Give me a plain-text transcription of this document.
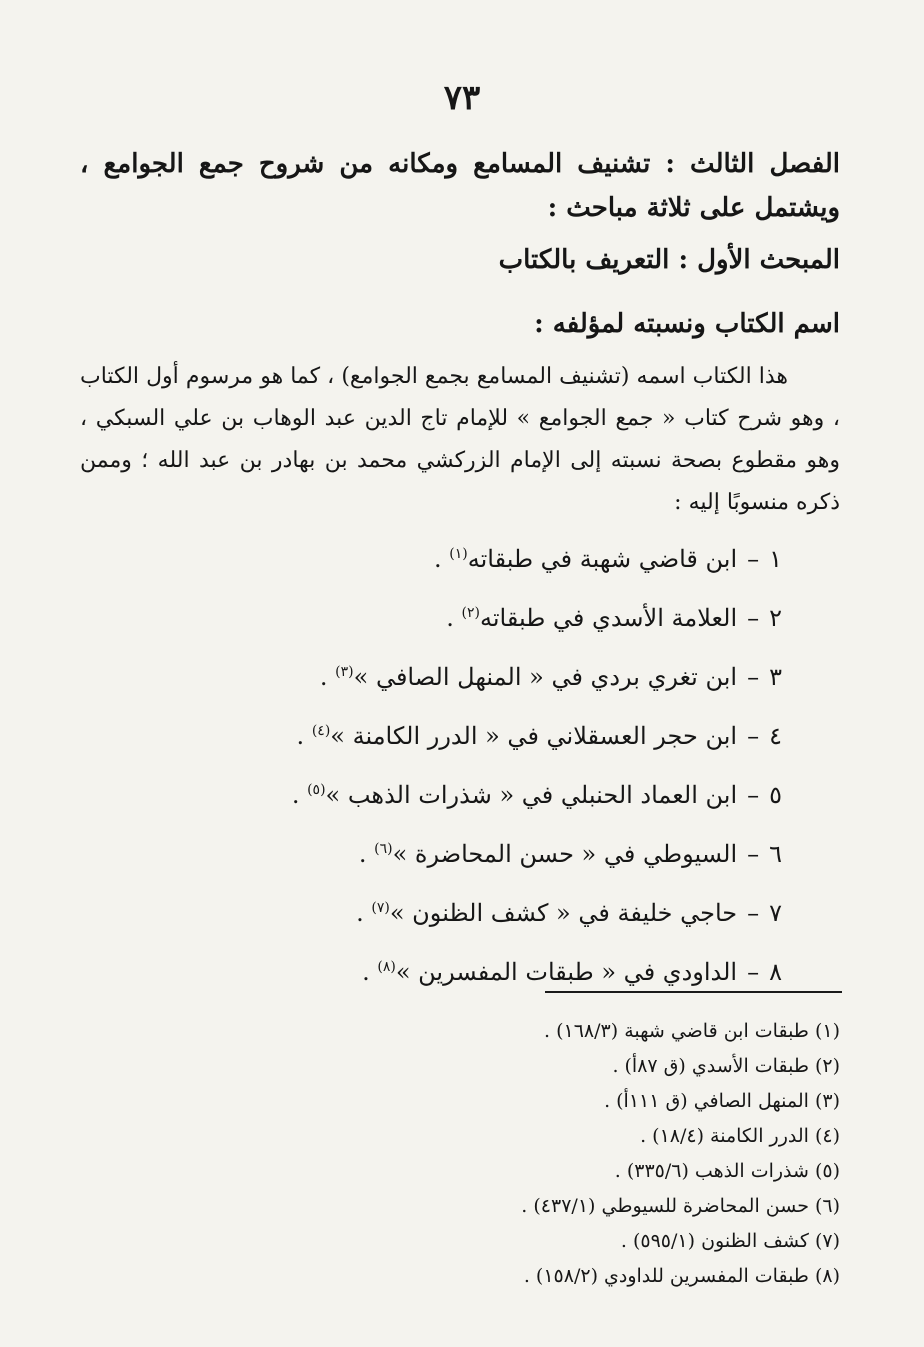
٧٣
الفصل الثالث : تشنيف المسامع ومكانه من شروح جمع الجوامع ، ويشتمل على ثلاثة مباحث :
المبحث الأول : التعريف بالكتاب
اسم الكتاب ونسبته لمؤلفه :

هذا الكتاب اسمه (تشنيف المسامع بجمع الجوامع) ، كما هو مرسوم أول الكتاب ، وهو شرح كتاب « جمع الجوامع » للإمام تاج الدين عبد الوهاب بن علي السبكي ، وهو مقطوع بصحة نسبته إلى الإمام الزركشي محمد بن بهادر بن عبد الله ؛ وممن ذكره منسوبًا إليه :

١–ابن قاضي شهبة في طبقاته$^{(١)}$ .
٢–العلامة الأسدي في طبقاته$^{(٢)}$ .
٣–ابن تغري بردي في « المنهل الصافي »$^{(٣)}$ .
٤–ابن حجر العسقلاني في « الدرر الكامنة »$^{(٤)}$ .
٥–ابن العماد الحنبلي في « شذرات الذهب »$^{(٥)}$ .
٦–السيوطي في « حسن المحاضرة »$^{(٦)}$ .
٧–حاجي خليفة في « كشف الظنون »$^{(٧)}$ .
٨–الداودي في « طبقات المفسرين »$^{(٨)}$ .
(١)طبقات ابن قاضي شهبة (١٦٨/٣) .
(٢)طبقات الأسدي (ق ٨٧أ) .
(٣)المنهل الصافي (ق ١١١أ) .
(٤)الدرر الكامنة (١٨/٤) .
(٥)شذرات الذهب (٣٣٥/٦) .
(٦)حسن المحاضرة للسيوطي (٤٣٧/١) .
(٧)كشف الظنون (٥٩٥/١) .
(٨)طبقات المفسرين للداودي (١٥٨/٢) .
